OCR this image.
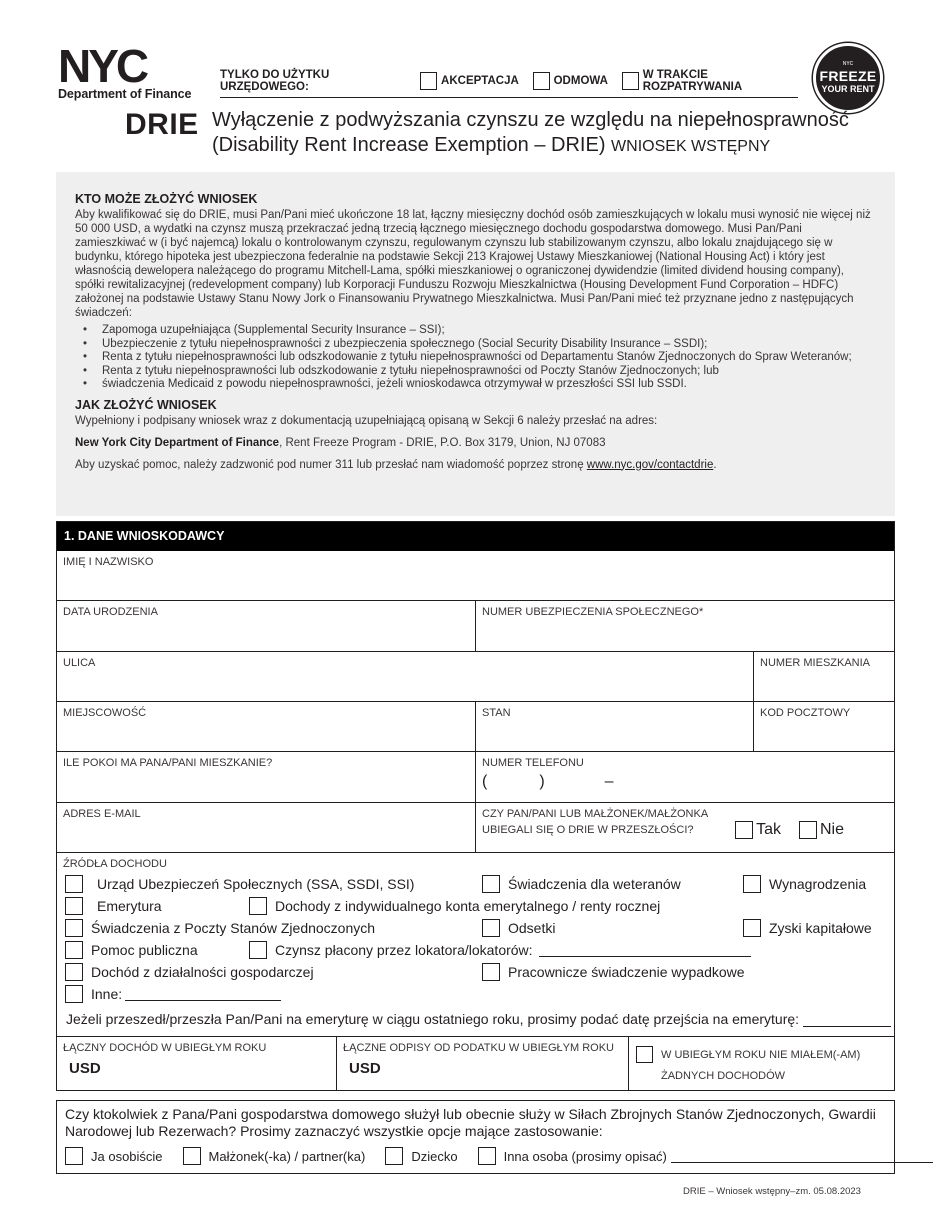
NYC
Department of Finance
TYLKO DO UŻYTKU URZĘDOWEGO:	AKCEPTACJA	ODMOWA	W TRAKCIE ROZPATRYWANIA
NYC
FREEZE
YOUR RENT
DRIE Wyłączenie z podwyższania czynszu ze względu na niepełnosprawność
(Disability Rent Increase Exemption – DRIE) WNIOSEK WSTĘPNY
KTO MOŻE ZŁOŻYĆ WNIOSEK

Aby kwalifikować się do DRIE, musi Pan/Pani mieć ukończone 18 lat, łączny miesięczny dochód osób zamieszkujących w lokalu musi wynosić nie więcej niż 50 000 USD, a wydatki na czynsz muszą przekraczać jedną trzecią łącznego miesięcznego dochodu gospodarstwa domowego. Musi Pan/Pani zamieszkiwać w (i być najemcą) lokalu o kontrolowanym czynszu, regulowanym czynszu lub stabilizowanym czynszu, albo lokalu znajdującego się w budynku, którego hipoteka jest ubezpieczona federalnie na podstawie Sekcji 213 Krajowej Ustawy Mieszkaniowej (National Housing Act) i który jest własnością dewelopera należącego do programu Mitchell-Lama, spółki mieszkaniowej o ograniczonej dywidendzie (limited dividend housing company), spółki rewitalizacyjnej (redevelopment company) lub Korporacji Funduszu Rozwoju Mieszkalnictwa (Housing Development Fund Corporation – HDFC) założonej na podstawie Ustawy Stanu Nowy Jork o Finansowaniu Prywatnego Mieszkalnictwa. Musi Pan/Pani mieć też przyznane jedno z następujących świadczeń:

• Zapomoga uzupełniająca (Supplemental Security Insurance – SSI);
• Ubezpieczenie z tytułu niepełnosprawności z ubezpieczenia społecznego (Social Security Disability Insurance – SSDI);
• Renta z tytułu niepełnosprawności lub odszkodowanie z tytułu niepełnosprawności od Departamentu Stanów Zjednoczonych do Spraw Weteranów;
• Renta z tytułu niepełnosprawności lub odszkodowanie z tytułu niepełnosprawności od Poczty Stanów Zjednoczonych; lub
• świadczenia Medicaid z powodu niepełnosprawności, jeżeli wnioskodawca otrzymywał w przeszłości SSI lub SSDI.
JAK ZŁOŻYĆ WNIOSEK

Wypełniony i podpisany wniosek wraz z dokumentacją uzupełniającą opisaną w Sekcji 6 należy przesłać na adres:

New York City Department of Finance, Rent Freeze Program - DRIE, P.O. Box 3179, Union, NJ 07083

Aby uzyskać pomoc, należy zadzwonić pod numer 311 lub przesłać nam wiadomość poprzez stronę www.nyc.gov/contactdrie.

1. DANE WNIOSKODAWCY
IMIĘ I NAZWISKO
DATA URODZENIA	NUMER UBEZPIECZENIA SPOŁECZNEGO*
ULICA	NUMER MIESZKANIA
MIEJSCOWOŚĆ	STAN	KOD POCZTOWY
ILE POKOI MA PANA/PANI MIESZKANIE?	NUMER TELEFONU
(	)	–
ADRES E-MAIL	CZY PAN/PANI LUB MAŁŻONEK/MAŁŻONKA
UBIEGALI SIĘ O DRIE W PRZESZŁOŚCI?	Tak Nie
ŹRÓDŁA DOCHODU
Urząd Ubezpieczeń Społecznych (SSA, SSDI, SSI)	Świadczenia dla weteranów	Wynagrodzenia
Emerytura	Dochody z indywidualnego konta emerytalnego / renty rocznej
Świadczenia z Poczty Stanów Zjednoczonych	Odsetki	Zyski kapitałowe
Pomoc publiczna	Czynsz płacony przez lokatora/lokatorów:
Dochód z działalności gospodarczej	Pracownicze świadczenie wypadkowe
Inne:
Jeżeli przeszedł/przeszła Pan/Pani na emeryturę w ciągu ostatniego roku, prosimy podać datę przejścia na emeryturę:
ŁĄCZNY DOCHÓD W UBIEGŁYM ROKU
USD
ŁĄCZNE ODPISY OD PODATKU W UBIEGŁYM ROKU
USD
W UBIEGŁYM ROKU NIE MIAŁEM(-AM)
ŻADNYCH DOCHODÓW
Czy ktokolwiek z Pana/Pani gospodarstwa domowego służył lub obecnie służy w Siłach Zbrojnych Stanów Zjednoczonych, Gwardii Narodowej lub Rezerwach? Prosimy zaznaczyć wszystkie opcje mające zastosowanie:
Ja osobiście	Małżonek(-ka) / partner(ka)	Dziecko	Inna osoba (prosimy opisać)
DRIE – Wniosek wstępny–zm. 05.08.2023
